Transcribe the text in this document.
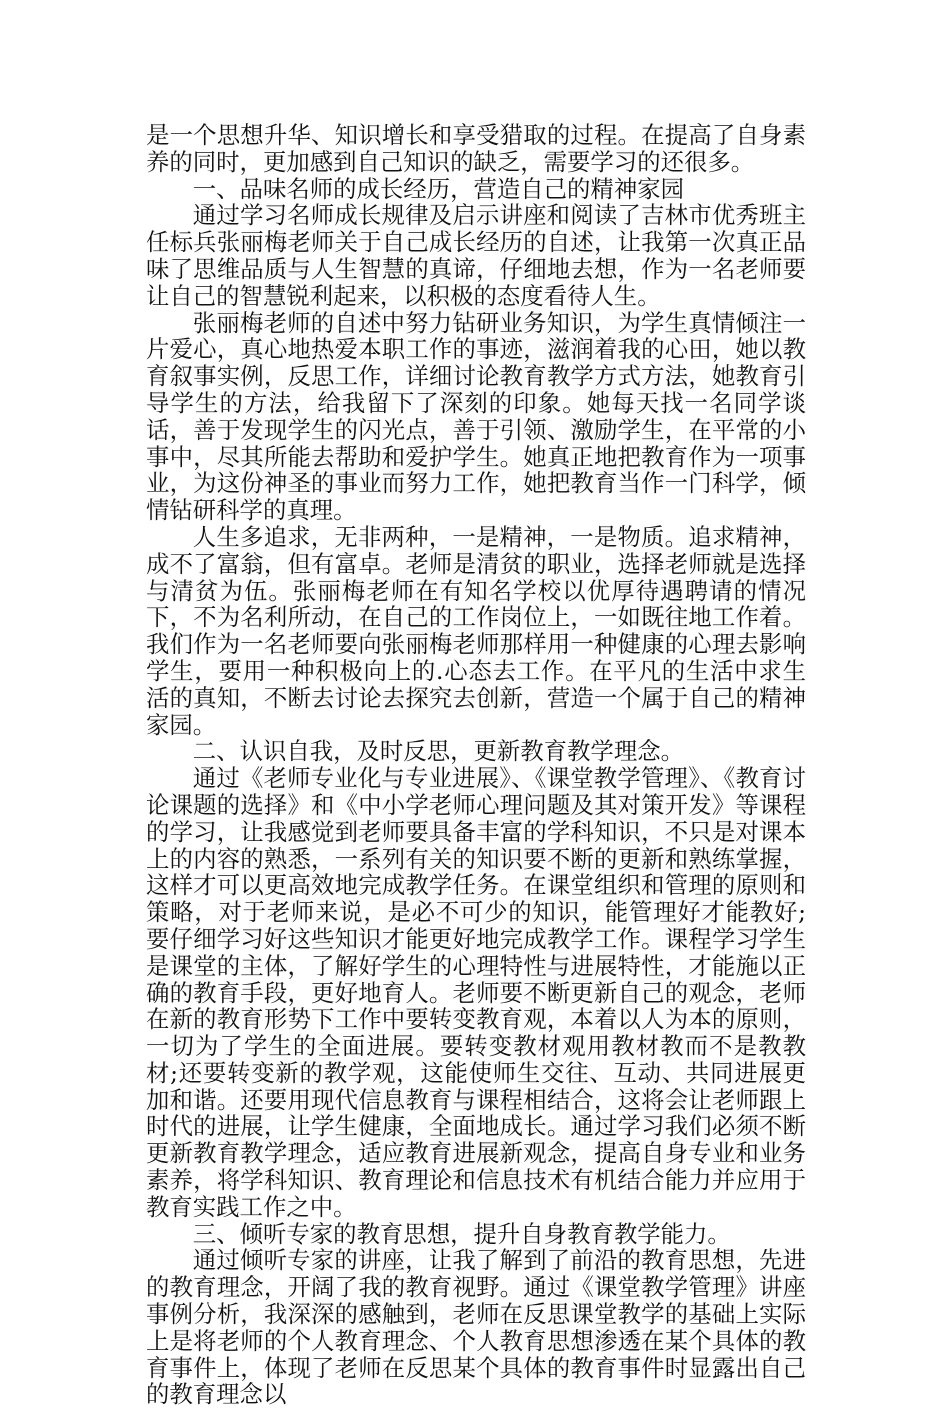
是一个思想升华、知识增长和享受猎取的过程。在提高了自身素养的同时，更加感到自己知识的缺乏，需要学习的还很多。

一、品味名师的成长经历，营造自己的精神家园

通过学习名师成长规律及启示讲座和阅读了吉林市优秀班主任标兵张丽梅老师关于自己成长经历的自述，让我第一次真正品味了思维品质与人生智慧的真谛，仔细地去想，作为一名老师要让自己的智慧锐利起来，以积极的态度看待人生。

张丽梅老师的自述中努力钻研业务知识，为学生真情倾注一片爱心，真心地热爱本职工作的事迹，滋润着我的心田，她以教育叙事实例，反思工作，详细讨论教育教学方式方法，她教育引导学生的方法，给我留下了深刻的印象。她每天找一名同学谈话，善于发现学生的闪光点，善于引领、激励学生，在平常的小事中，尽其所能去帮助和爱护学生。她真正地把教育作为一项事业，为这份神圣的事业而努力工作，她把教育当作一门科学，倾情钻研科学的真理。

人生多追求，无非两种，一是精神，一是物质。追求精神，成不了富翁，但有富卓。老师是清贫的职业，选择老师就是选择与清贫为伍。张丽梅老师在有知名学校以优厚待遇聘请的情况下，不为名利所动，在自己的工作岗位上，一如既往地工作着。我们作为一名老师要向张丽梅老师那样用一种健康的心理去影响学生，要用一种积极向上的.心态去工作。在平凡的生活中求生活的真知，不断去讨论去探究去创新，营造一个属于自己的精神家园。

二、认识自我，及时反思，更新教育教学理念。

通过《老师专业化与专业进展》、《课堂教学管理》、《教育讨论课题的选择》和《中小学老师心理问题及其对策开发》等课程的学习，让我感觉到老师要具备丰富的学科知识，不只是对课本上的内容的熟悉，一系列有关的知识要不断的更新和熟练掌握，这样才可以更高效地完成教学任务。在课堂组织和管理的原则和策略，对于老师来说，是必不可少的知识，能管理好才能教好;要仔细学习好这些知识才能更好地完成教学工作。课程学习学生是课堂的主体，了解好学生的心理特性与进展特性，才能施以正确的教育手段，更好地育人。老师要不断更新自己的观念，老师在新的教育形势下工作中要转变教育观，本着以人为本的原则，一切为了学生的全面进展。要转变教材观用教材教而不是教教材;还要转变新的教学观，这能使师生交往、互动、共同进展更加和谐。还要用现代信息教育与课程相结合，这将会让老师跟上时代的进展，让学生健康，全面地成长。通过学习我们必须不断更新教育教学理念，适应教育进展新观念，提高自身专业和业务素养，将学科知识、教育理论和信息技术有机结合能力并应用于教育实践工作之中。

三、倾听专家的教育思想，提升自身教育教学能力。

通过倾听专家的讲座，让我了解到了前沿的教育思想，先进的教育理念，开阔了我的教育视野。通过《课堂教学管理》讲座事例分析，我深深的感触到，老师在反思课堂教学的基础上实际上是将老师的个人教育理念、个人教育思想渗透在某个具体的教育事件上，体现了老师在反思某个具体的教育事件时显露出自己的教育理念以
